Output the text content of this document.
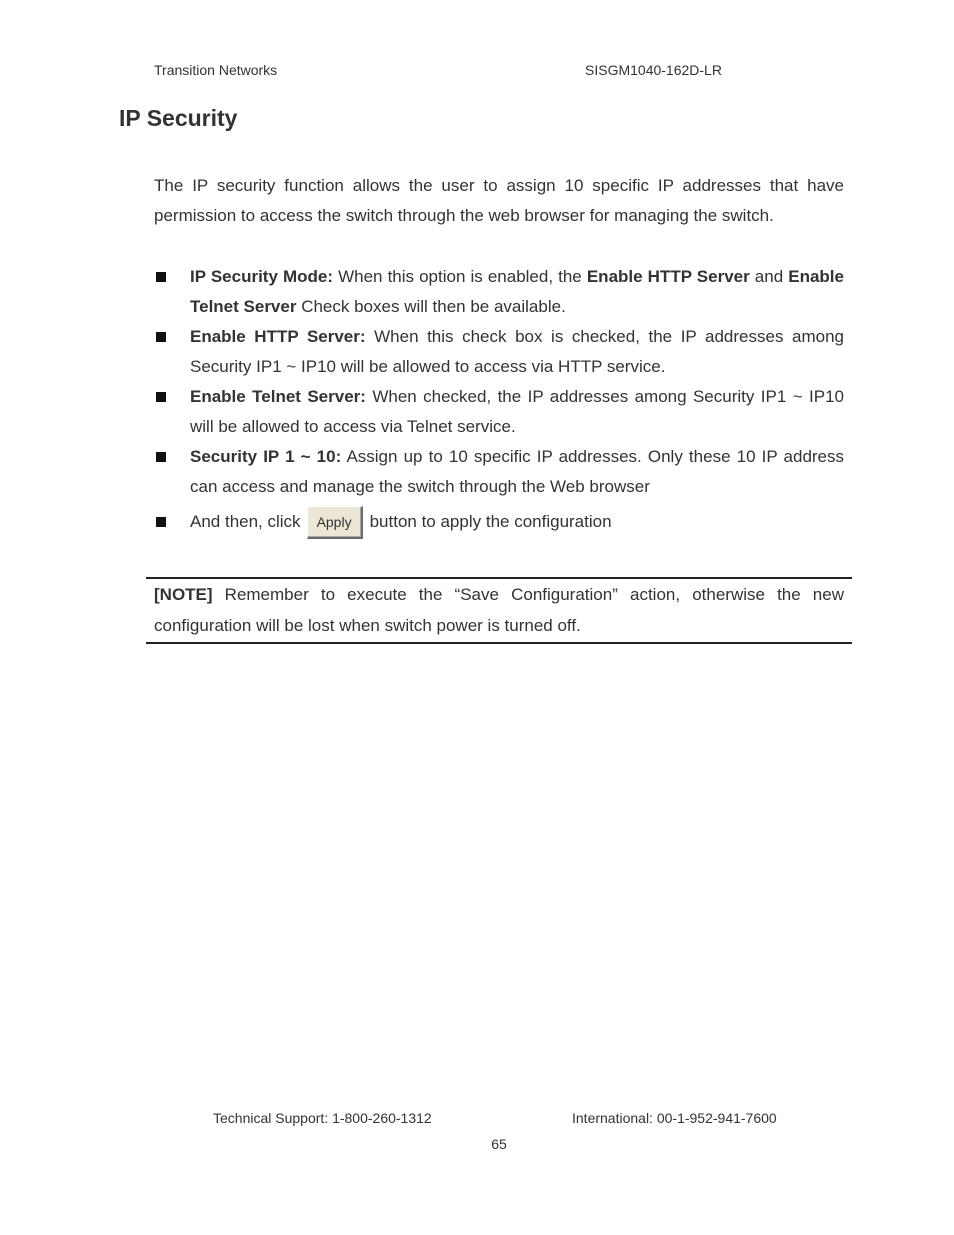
Transition Networks	SISGM1040-162D-LR
IP Security

The IP security function allows the user to assign 10 specific IP addresses that have permission to access the switch through the web browser for managing the switch.

IP Security Mode: When this option is enabled, the Enable HTTP Server and Enable Telnet Server Check boxes will then be available.
Enable HTTP Server: When this check box is checked, the IP addresses among Security IP1 ~ IP10 will be allowed to access via HTTP service.
Enable Telnet Server: When checked, the IP addresses among Security IP1 ~ IP10 will be allowed to access via Telnet service.
Security IP 1 ~ 10: Assign up to 10 specific IP addresses. Only these 10 IP address can access and manage the switch through the Web browser
And then, click Apply button to apply the configuration

[NOTE] Remember to execute the “Save Configuration” action, otherwise the new configuration will be lost when switch power is turned off.

Technical Support: 1-800-260-1312	International: 00-1-952-941-7600
65
